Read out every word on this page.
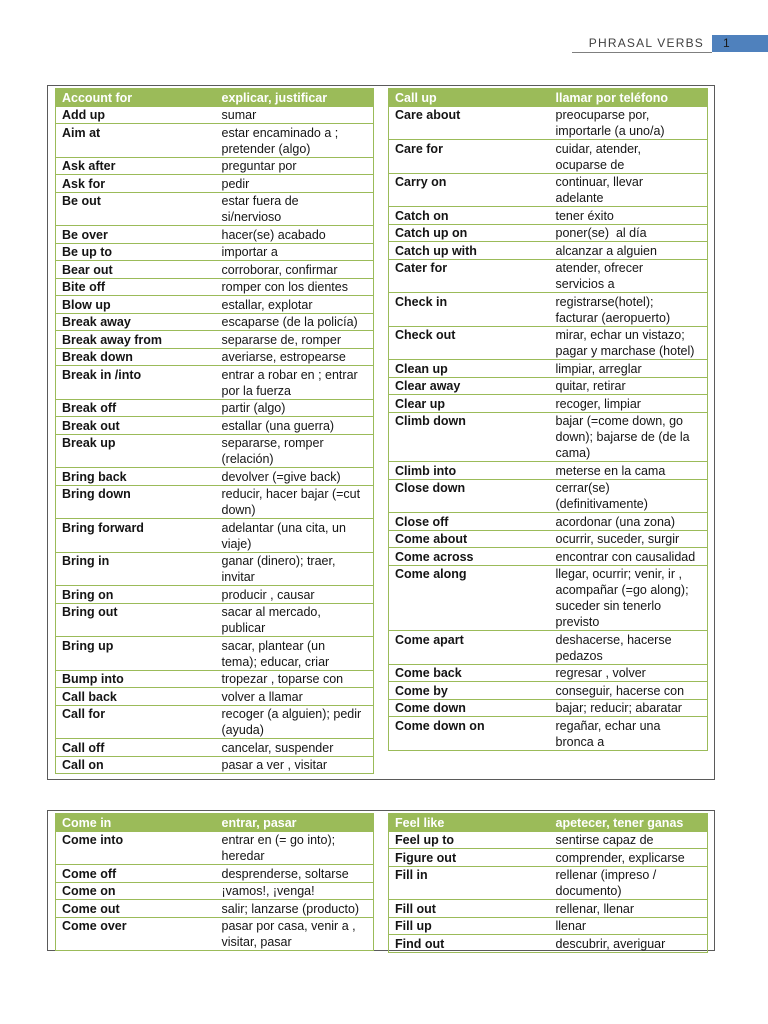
PHRASAL VERBS	1
Account for	explicar, justificar
Add up	sumar
Aim at	estar encaminado a ;
pretender (algo)
Ask after	preguntar por
Ask for	pedir
Be out	estar fuera de
si/nervioso
Be over	hacer(se) acabado
Be up to	importar a
Bear out	corroborar, confirmar
Bite off	romper con los dientes
Blow up	estallar, explotar
Break away	escaparse (de la policía)
Break away from	separarse de, romper
Break down	averiarse, estropearse
Break in /into	entrar a robar en ; entrar
por la fuerza
Break off	partir (algo)
Break out	estallar (una guerra)
Break up	separarse, romper
(relación)
Bring back	devolver (=give back)
Bring down	reducir, hacer bajar (=cut
down)
Bring forward	adelantar (una cita, un
viaje)
Bring in	ganar (dinero); traer,
invitar
Bring on	producir , causar
Bring out	sacar al mercado,
publicar
Bring up	sacar, plantear (un
tema); educar, criar
Bump into	tropezar , toparse con
Call back	volver a llamar
Call for	recoger (a alguien); pedir
(ayuda)
Call off	cancelar, suspender
Call on	pasar a ver , visitar
Call up	llamar por teléfono
Care about	preocuparse por,
importarle (a uno/a)
Care for	cuidar, atender,
ocuparse de
Carry on	continuar, llevar
adelante
Catch on	tener éxito
Catch up on	poner(se)  al día
Catch up with	alcanzar a alguien
Cater for	atender, ofrecer
servicios a
Check in	registrarse(hotel);
facturar (aeropuerto)
Check out	mirar, echar un vistazo;
pagar y marchase (hotel)
Clean up	limpiar, arreglar
Clear away	quitar, retirar
Clear up	recoger, limpiar
Climb down	bajar (=come down, go
down); bajarse de (de la
cama)
Climb into	meterse en la cama
Close down	cerrar(se)
(definitivamente)
Close off	acordonar (una zona)
Come about	ocurrir, suceder, surgir
Come across	encontrar con causalidad
Come along	llegar, ocurrir; venir, ir ,
acompañar (=go along);
suceder sin tenerlo
previsto
Come apart	deshacerse, hacerse
pedazos
Come back	regresar , volver
Come by	conseguir, hacerse con
Come down	bajar; reducir; abaratar
Come down on	regañar, echar una
bronca a
Come in	entrar, pasar
Come into	entrar en (= go into);
heredar
Come off	desprenderse, soltarse
Come on	¡vamos!, ¡venga!
Come out	salir; lanzarse (producto)
Come over	pasar por casa, venir a ,
visitar, pasar
Feel like	apetecer, tener ganas
Feel up to	sentirse capaz de
Figure out	comprender, explicarse
Fill in	rellenar (impreso /
documento)
Fill out	rellenar, llenar
Fill up	llenar
Find out	descubrir, averiguar
